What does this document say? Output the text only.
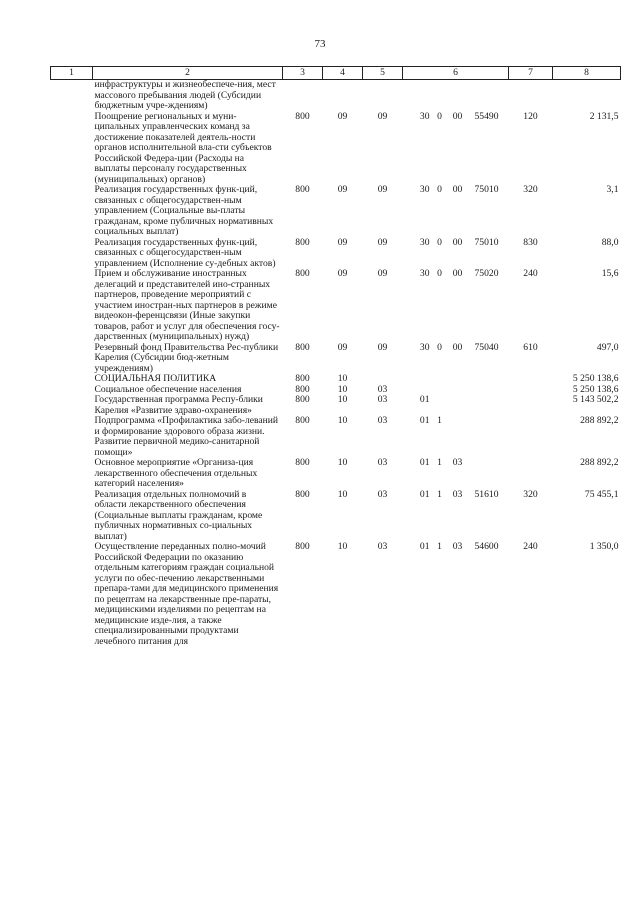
73
1	2	3	4	5	6				7	8
	инфраструктуры и жизнеобеспече-ния, мест массового пребывания людей (Субсидии бюджетным учре-ждениям)									
	Поощрение региональных и муни-ципальных управленческих команд за достижение показателей деятель-ности органов исполнительной вла-сти субъектов Российской Федера-ции (Расходы на выплаты персоналу государственных (муниципальных) органов)	800	09	09	30	0	00	55490	120	2 131,5
	Реализация государственных функ-ций, связанных с общегосударствен-ным управлением (Социальные вы-платы гражданам, кроме публичных нормативных социальных выплат)	800	09	09	30	0	00	75010	320	3,1
	Реализация государственных функ-ций, связанных с общегосударствен-ным управлением (Исполнение су-дебных актов)	800	09	09	30	0	00	75010	830	88,0
	Прием и обслуживание иностранных делегаций и представителей ино-странных партнеров, проведение мероприятий с участием иностран-ных партнеров в режиме видеокон-ференцсвязи (Иные закупки товаров, работ и услуг для обеспечения госу-дарственных (муниципальных) нужд)	800	09	09	30	0	00	75020	240	15,6
	Резервный фонд Правительства Рес-публики Карелия (Субсидии бюд-жетным учреждениям)	800	09	09	30	0	00	75040	610	497,0
	СОЦИАЛЬНАЯ ПОЛИТИКА	800	10							5 250 138,6
	Социальное обеспечение населения	800	10	03						5 250 138,6
	Государственная программа Респу-блики Карелия «Развитие здраво-охранения»	800	10	03	01					5 143 502,2
	Подпрограмма «Профилактика забо-леваний и формирование здорового образа жизни. Развитие первичной медико-санитарной помощи»	800	10	03	01	1				288 892,2
	Основное мероприятие «Организа-ция лекарственного обеспечения отдельных категорий населения»	800	10	03	01	1	03			288 892,2
	Реализация отдельных полномочий в области лекарственного обеспечения (Социальные выплаты гражданам, кроме публичных нормативных со-циальных выплат)	800	10	03	01	1	03	51610	320	75 455,1
	Осуществление переданных полно-мочий Российской Федерации по оказанию отдельным категориям граждан социальной услуги по обес-печению лекарственными препара-тами для медицинского применения по рецептам на лекарственные пре-параты, медицинскими изделиями по рецептам на медицинские изде-лия, а также специализированными продуктами лечебного питания для	800	10	03	01	1	03	54600	240	1 350,0
